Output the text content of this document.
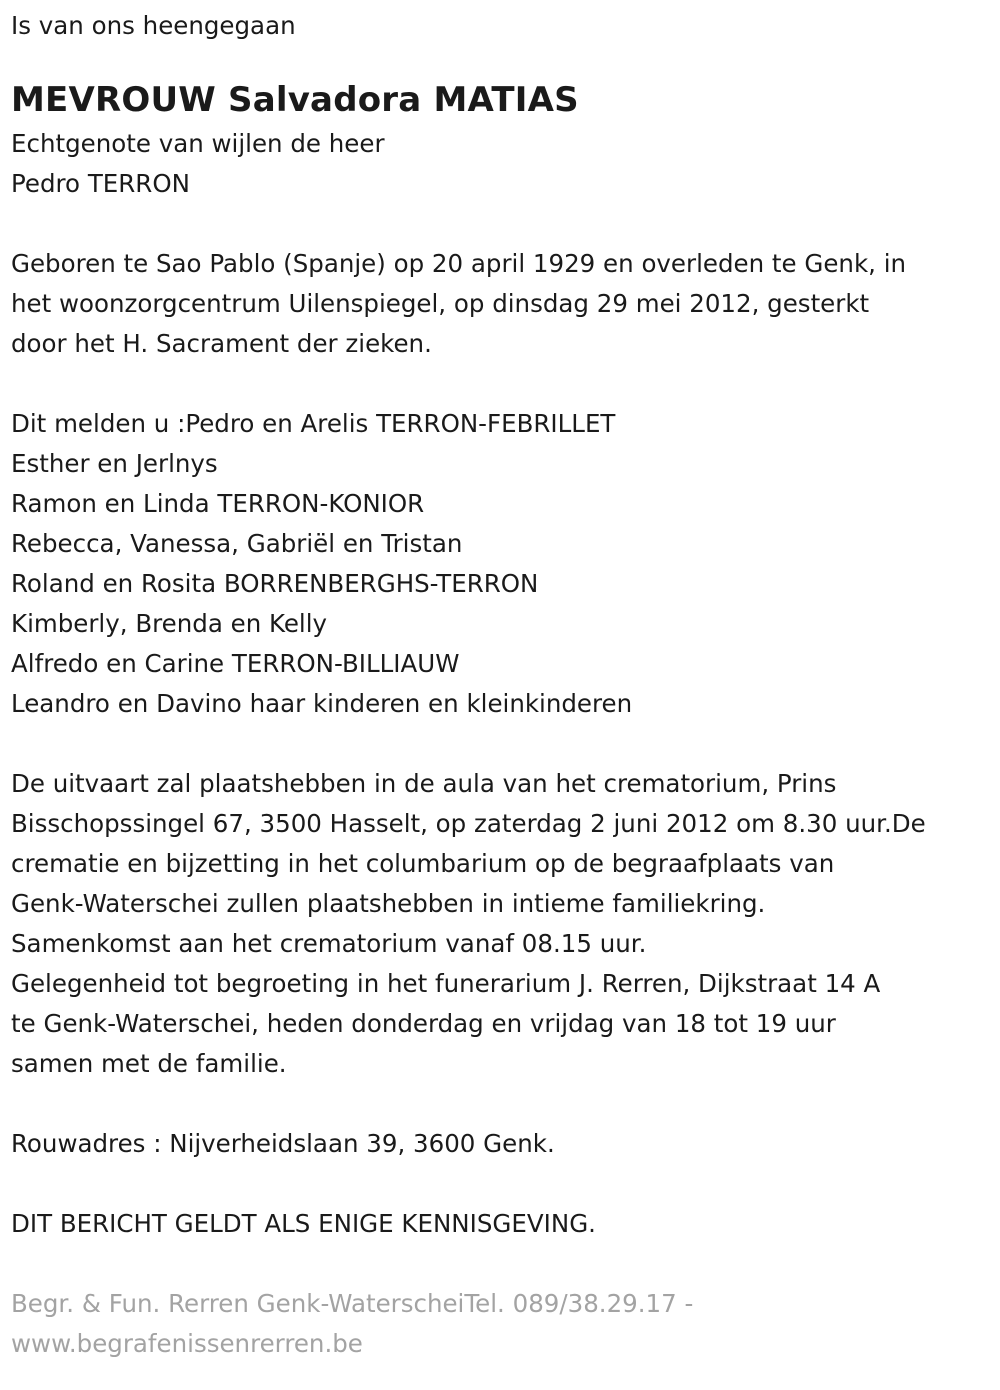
Is van ons heengegaan
MEVROUW Salvadora MATIAS
Echtgenote van wijlen de heer
Pedro TERRON
Geboren te Sao Pablo (Spanje) op 20 april 1929 en overleden te Genk, in
het woonzorgcentrum Uilenspiegel, op dinsdag 29 mei 2012, gesterkt
door het H. Sacrament der zieken.
Dit melden u :Pedro en Arelis TERRON-FEBRILLET
Esther en Jerlnys
Ramon en Linda TERRON-KONIOR
Rebecca, Vanessa, Gabriël en Tristan
Roland en Rosita BORRENBERGHS-TERRON
Kimberly, Brenda en Kelly
Alfredo en Carine TERRON-BILLIAUW
Leandro en Davino haar kinderen en kleinkinderen
De uitvaart zal plaatshebben in de aula van het crematorium, Prins
Bisschopssingel 67, 3500 Hasselt, op zaterdag 2 juni 2012 om 8.30 uur.De
crematie en bijzetting in het columbarium op de begraafplaats van
Genk-Waterschei zullen plaatshebben in intieme familiekring.
Samenkomst aan het crematorium vanaf 08.15 uur.
Gelegenheid tot begroeting in het funerarium J. Rerren, Dijkstraat 14 A
te Genk-Waterschei, heden donderdag en vrijdag van 18 tot 19 uur
samen met de familie.
Rouwadres : Nijverheidslaan 39, 3600 Genk.
DIT BERICHT GELDT ALS ENIGE KENNISGEVING.
Begr. & Fun. Rerren Genk-WaterscheiTel. 089/38.29.17 -
www.begrafenissenrerren.be
